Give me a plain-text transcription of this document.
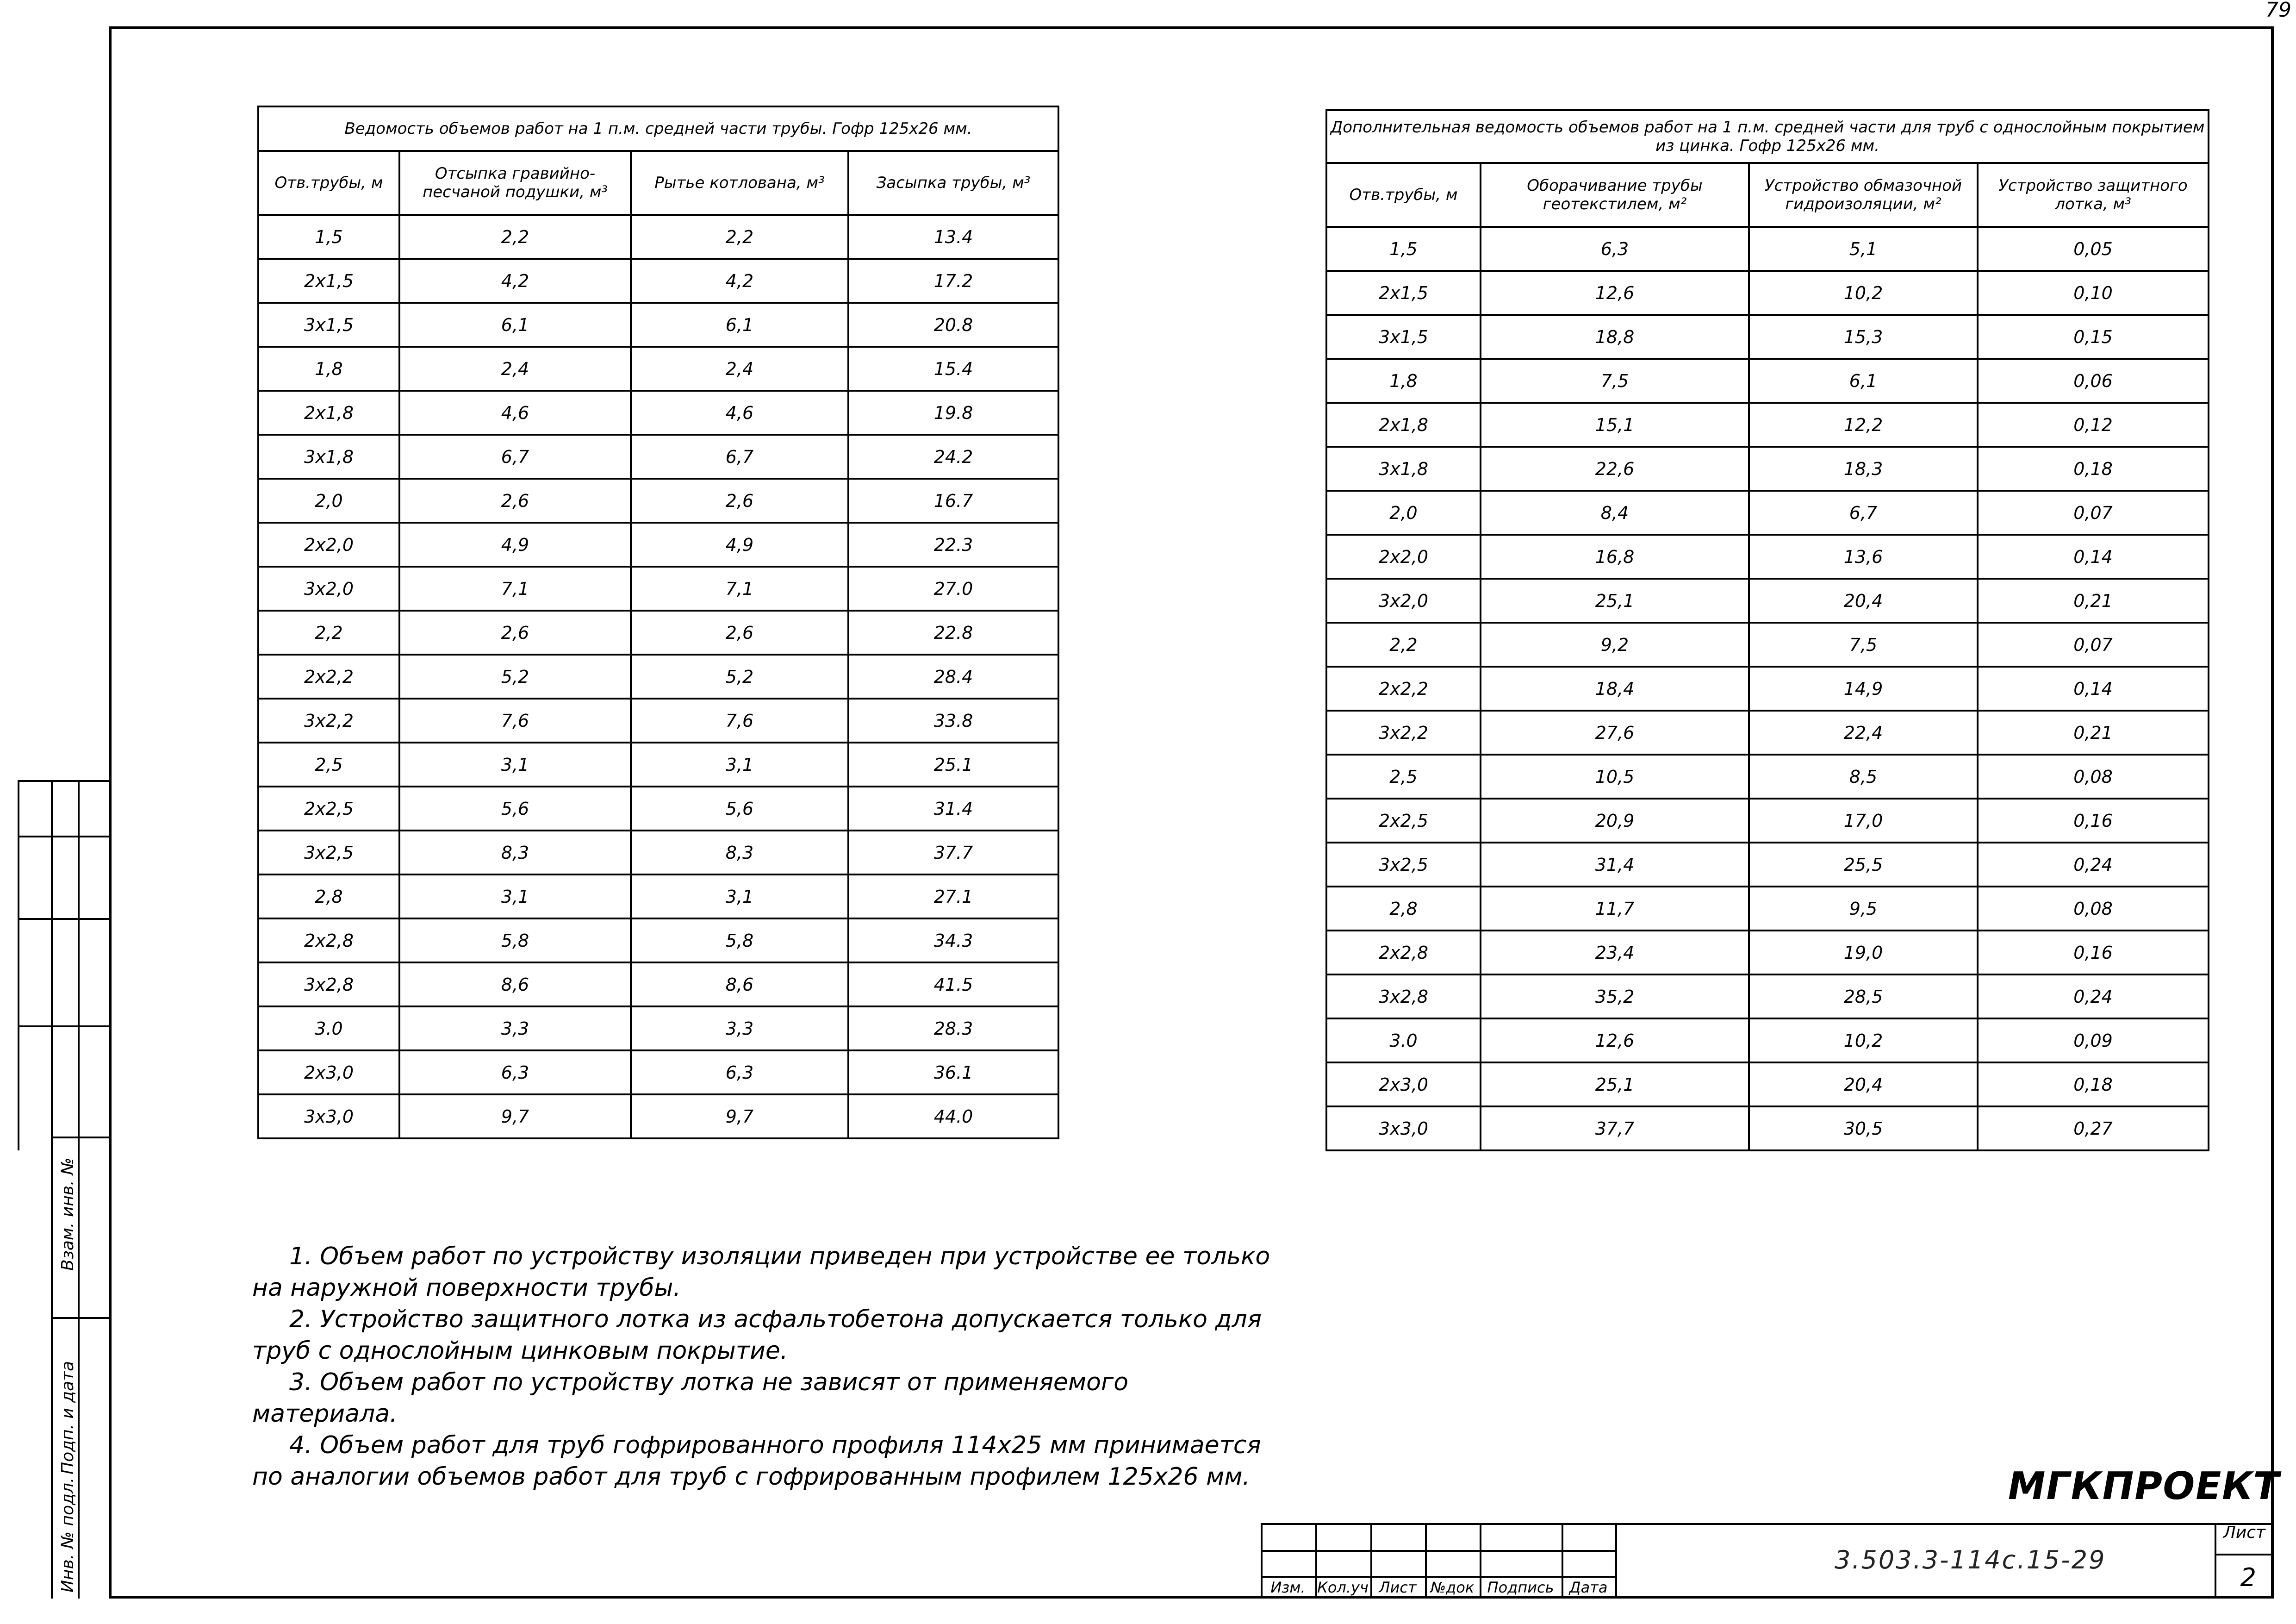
79
Ведомость объемов работ на 1 п.м. средней части трубы. Гофр 125х26 мм.			
Отв.трубы, м	Отсыпка гравийно-песчаной подушки, м³	Рытье котлована, м³	Засыпка трубы, м³
1,5	2,2	2,2	13.4
2х1,5	4,2	4,2	17.2
3х1,5	6,1	6,1	20.8
1,8	2,4	2,4	15.4
2х1,8	4,6	4,6	19.8
3х1,8	6,7	6,7	24.2
2,0	2,6	2,6	16.7
2х2,0	4,9	4,9	22.3
3х2,0	7,1	7,1	27.0
2,2	2,6	2,6	22.8
2х2,2	5,2	5,2	28.4
3х2,2	7,6	7,6	33.8
2,5	3,1	3,1	25.1
2х2,5	5,6	5,6	31.4
3х2,5	8,3	8,3	37.7
2,8	3,1	3,1	27.1
2х2,8	5,8	5,8	34.3
3х2,8	8,6	8,6	41.5
3.0	3,3	3,3	28.3
2х3,0	6,3	6,3	36.1
3х3,0	9,7	9,7	44.0
Дополнительная ведомость объемов работ на 1 п.м. средней части для труб с однослойным покрытием из цинка. Гофр 125х26 мм.			
Отв.трубы, м	Оборачивание трубы геотекстилем, м²	Устройство обмазочной гидроизоляции, м²	Устройство защитного лотка, м³
1,5	6,3	5,1	0,05
2х1,5	12,6	10,2	0,10
3х1,5	18,8	15,3	0,15
1,8	7,5	6,1	0,06
2х1,8	15,1	12,2	0,12
3х1,8	22,6	18,3	0,18
2,0	8,4	6,7	0,07
2х2,0	16,8	13,6	0,14
3х2,0	25,1	20,4	0,21
2,2	9,2	7,5	0,07
2х2,2	18,4	14,9	0,14
3х2,2	27,6	22,4	0,21
2,5	10,5	8,5	0,08
2х2,5	20,9	17,0	0,16
3х2,5	31,4	25,5	0,24
2,8	11,7	9,5	0,08
2х2,8	23,4	19,0	0,16
3х2,8	35,2	28,5	0,24
3.0	12,6	10,2	0,09
2х3,0	25,1	20,4	0,18
3х3,0	37,7	30,5	0,27

1. Объем работ по устройству изоляции приведен при устройстве ее только на наружной поверхности трубы.

2. Устройство защитного лотка из асфальтобетона допускается только для труб с однослойным цинковым покрытие.

3. Объем работ по устройству лотка не зависят от применяемого материала.

4. Объем работ для труб гофрированного профиля 114х25 мм принимается по аналогии объемов работ для труб с гофрированным профилем 125х26 мм.

Взам. инв. №
Подп. и дата
Инв. № подл.	МГКПРОЕКТ
Изм. Кол.уч Лист №док Подпись	Дата
3.503.3-114с.15-29
Лист
2
